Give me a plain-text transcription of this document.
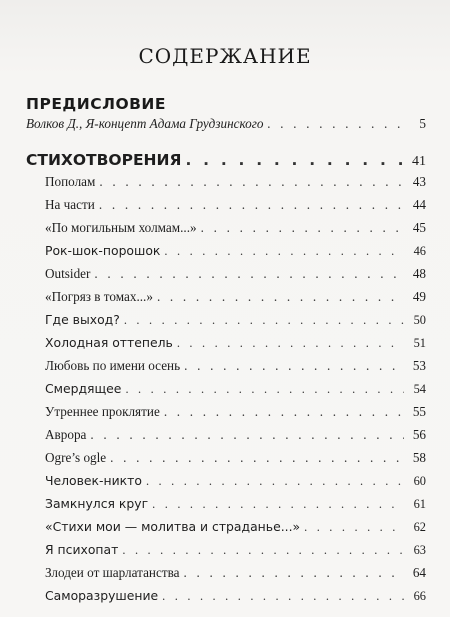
СОДЕРЖАНИЕ
ПРЕДИСЛОВИЕ
Волков Д., Я-концепт Адама Грудзинского . . .	5
СТИХОТВОРЕНИЯ . . .	41
Пополам . . .	43
На части . . .	44
«По могильным холмам...» . . .	45
Рок-шок-порошок . . .	46
Outsider . . .	48
«Погряз в томах...» . . .	49
Где выход? . . .	50
Холодная оттепель . . .	51
Любовь по имени осень . . .	53
Смердящее . . .	54
Утреннее проклятие . . .	55
Аврора . . .	56
Ogre’s ogle . . .	58
Человек-никто . . .	60
Замкнулся круг . . .	61
«Стихи мои — молитва и страданье...» . . .	62
Я психопат . . .	63
Злодеи от шарлатанства . . .	64
Саморазрушение . . .	66
